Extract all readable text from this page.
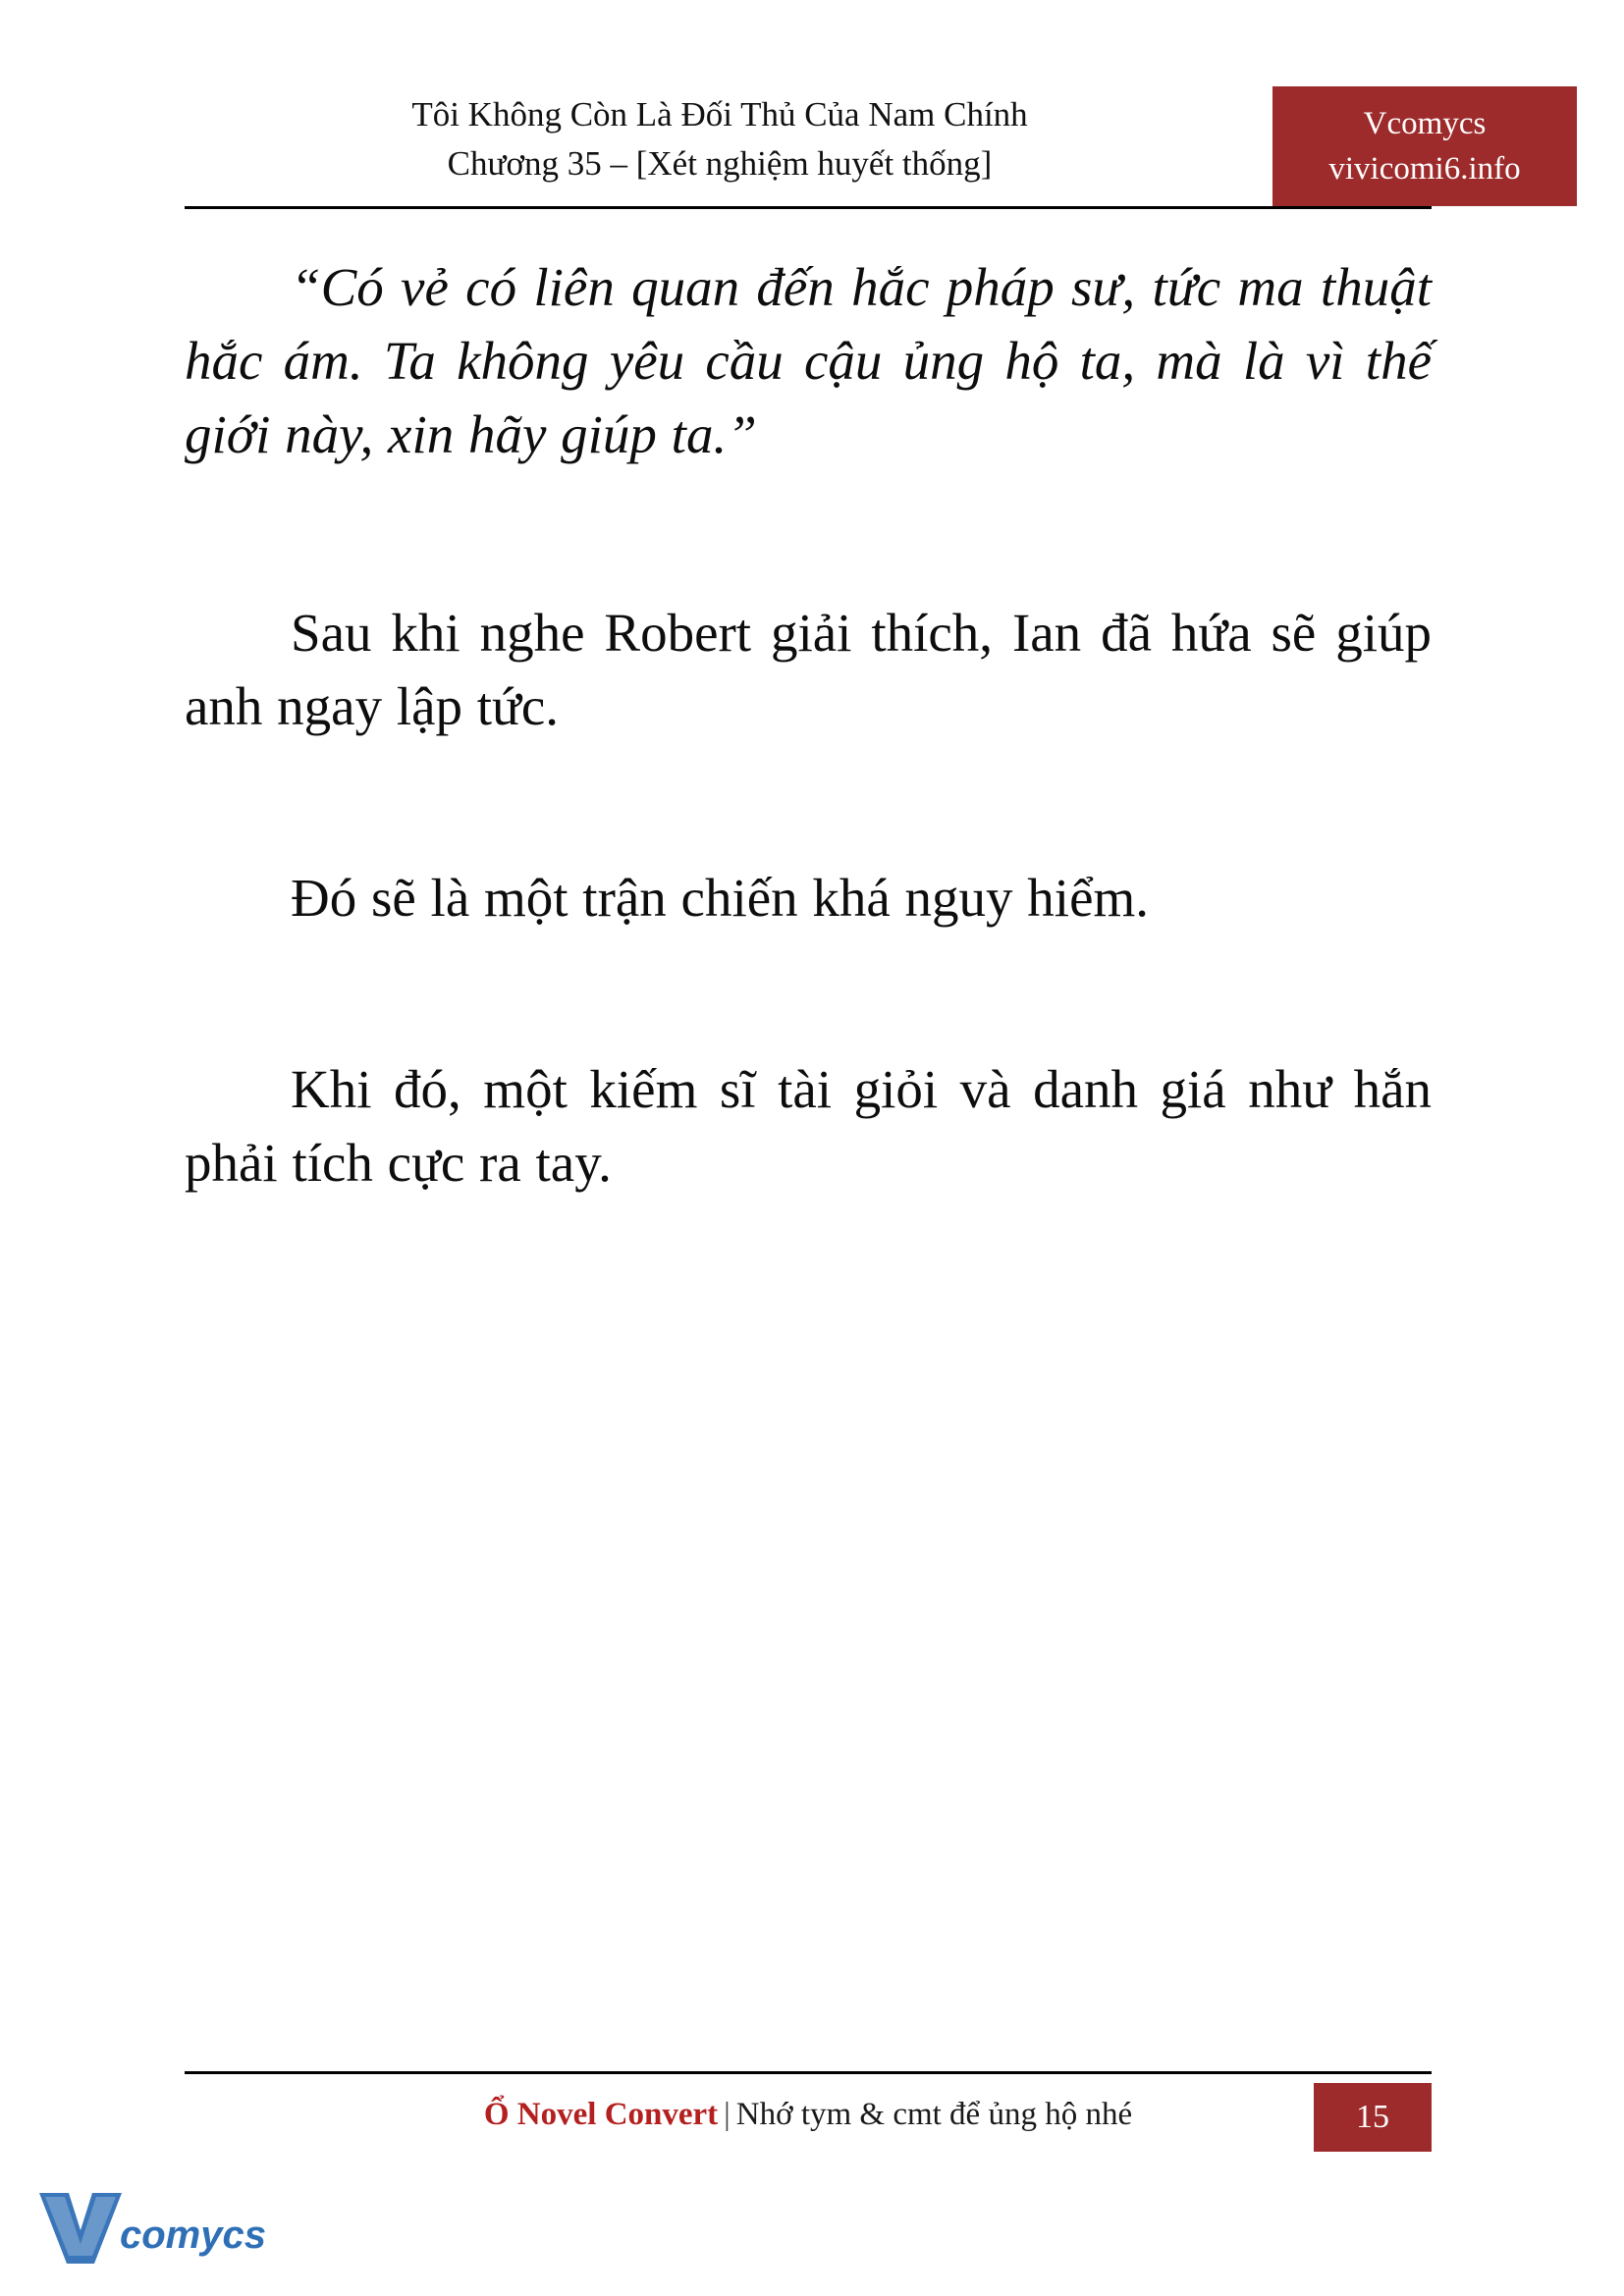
Tôi Không Còn Là Đối Thủ Của Nam Chính
Chương 35 – [Xét nghiệm huyết thống]
Vcomycs
vivicomi6.info

“Có vẻ có liên quan đến hắc pháp sư, tức ma thuật hắc ám. Ta không yêu cầu cậu ủng hộ ta, mà là vì thế giới này, xin hãy giúp ta.”

Sau khi nghe Robert giải thích, Ian đã hứa sẽ giúp anh ngay lập tức.

Đó sẽ là một trận chiến khá nguy hiểm.

Khi đó, một kiếm sĩ tài giỏi và danh giá như hắn phải tích cực ra tay.

Ổ Novel Convert | Nhớ tym & cmt để ủng hộ nhé	15
comycs
